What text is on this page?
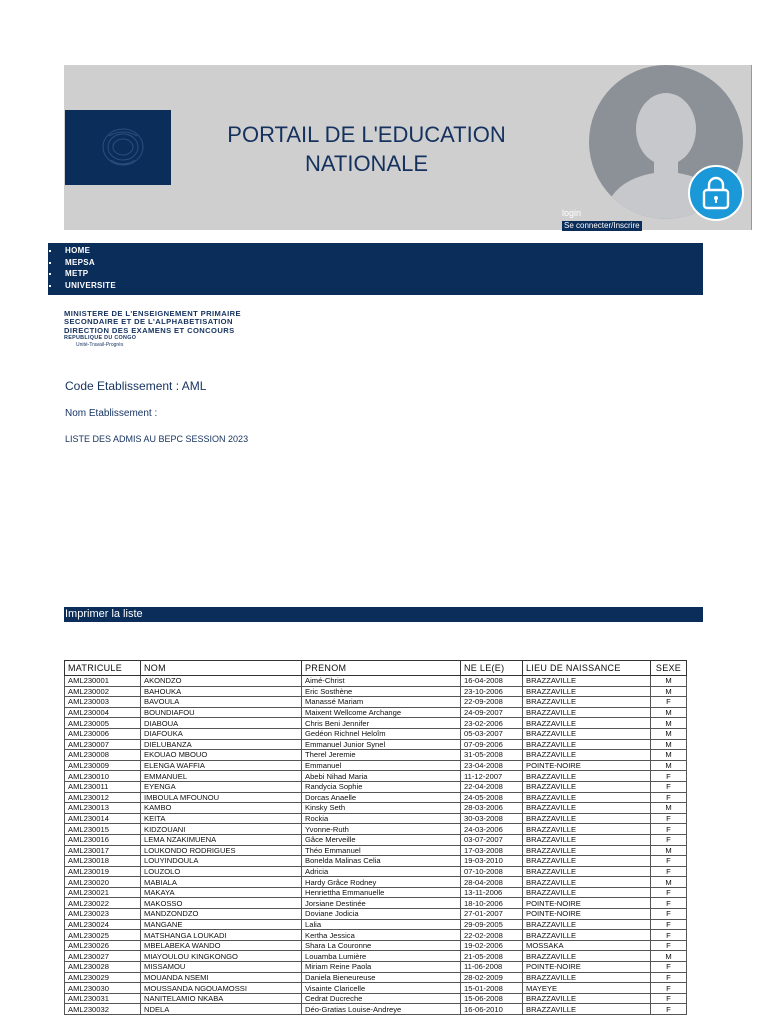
PORTAIL DE L'EDUCATION
NATIONALE
login
Se connecter/Inscrire
HOME
MEPSA
METP
UNIVERSITE
MINISTERE DE L'ENSEIGNEMENT PRIMAIRE
SECONDAIRE ET DE L'ALPHABETISATION
DIRECTION DES EXAMENS ET CONCOURS
REPUBLIQUE DU CONGO
Unité-Travail-Progrès
Code Etablissement : AML
Nom Etablissement :
LISTE DES ADMIS AU BEPC SESSION 2023
Imprimer la liste
MATRICULE	NOM	PRENOM	NE LE(E)	LIEU DE NAISSANCE	SEXE
AML230001	AKONDZO	Aimé-Christ	16-04-2008	BRAZZAVILLE	M
AML230002	BAHOUKA	Eric Sosthène	23-10-2006	BRAZZAVILLE	M
AML230003	BAVOULA	Manassé Mariam	22-09-2008	BRAZZAVILLE	F
AML230004	BOUNDIAFOU	Maixent Wellcome Archange	24-09-2007	BRAZZAVILLE	M
AML230005	DIABOUA	Chris Beni Jennifer	23-02-2006	BRAZZAVILLE	M
AML230006	DIAFOUKA	Gedéon Richnel Heloîm	05-03-2007	BRAZZAVILLE	M
AML230007	DIELUBANZA	Emmanuel Junior Synel	07-09-2006	BRAZZAVILLE	M
AML230008	EKOUAO MBOUO	Therel Jeremie	31-05-2008	BRAZZAVILLE	M
AML230009	ELENGA WAFFIA	Emmanuel	23-04-2008	POINTE-NOIRE	M
AML230010	EMMANUEL	Abebi Nihad Maria	11-12-2007	BRAZZAVILLE	F
AML230011	EYENGA	Randycia Sophie	22-04-2008	BRAZZAVILLE	F
AML230012	IMBOULA MFOUNOU	Dorcas Anaelle	24-05-2008	BRAZZAVILLE	F
AML230013	KAMBO	Kinsky Seth	28-03-2006	BRAZZAVILLE	M
AML230014	KEITA	Rockia	30-03-2008	BRAZZAVILLE	F
AML230015	KIDZOUANI	Yvonne-Ruth	24-03-2006	BRAZZAVILLE	F
AML230016	LEMA NZAKIMUENA	Gâce Merveille	03-07-2007	BRAZZAVILLE	F
AML230017	LOUKONDO RODRIGUES	Théo Emmanuel	17-03-2008	BRAZZAVILLE	M
AML230018	LOUYINDOULA	Bonelda Malinas Celia	19-03-2010	BRAZZAVILLE	F
AML230019	LOUZOLO	Adricia	07-10-2008	BRAZZAVILLE	F
AML230020	MABIALA	Hardy Grâce Rodney	28-04-2008	BRAZZAVILLE	M
AML230021	MAKAYA	Henriettha Emmanuelle	13-11-2006	BRAZZAVILLE	F
AML230022	MAKOSSO	Jorsiane Destinée	18-10-2006	POINTE-NOIRE	F
AML230023	MANDZONDZO	Doviane Jodicia	27-01-2007	POINTE-NOIRE	F
AML230024	MANGANE	Lalia	29-09-2005	BRAZZAVILLE	F
AML230025	MATSHANGA LOUKADI	Kertha Jessica	22-02-2008	BRAZZAVILLE	F
AML230026	MBELABEKA WANDO	Shara La Couronne	19-02-2006	MOSSAKA	F
AML230027	MIAYOULOU KINGKONGO	Louamba Lumière	21-05-2008	BRAZZAVILLE	M
AML230028	MISSAMOU	Miriam Reine Paola	11-06-2008	POINTE-NOIRE	F
AML230029	MOUANDA NSEMI	Daniela Bieneureuse	28-02-2009	BRAZZAVILLE	F
AML230030	MOUSSANDA NGOUAMOSSI	Visainte Claricelle	15-01-2008	MAYEYE	F
AML230031	NANITELAMIO NKABA	Cedrat Ducreche	15-06-2008	BRAZZAVILLE	F
AML230032	NDELA	Déo-Gratias Louise-Andreye	16-06-2010	BRAZZAVILLE	F
